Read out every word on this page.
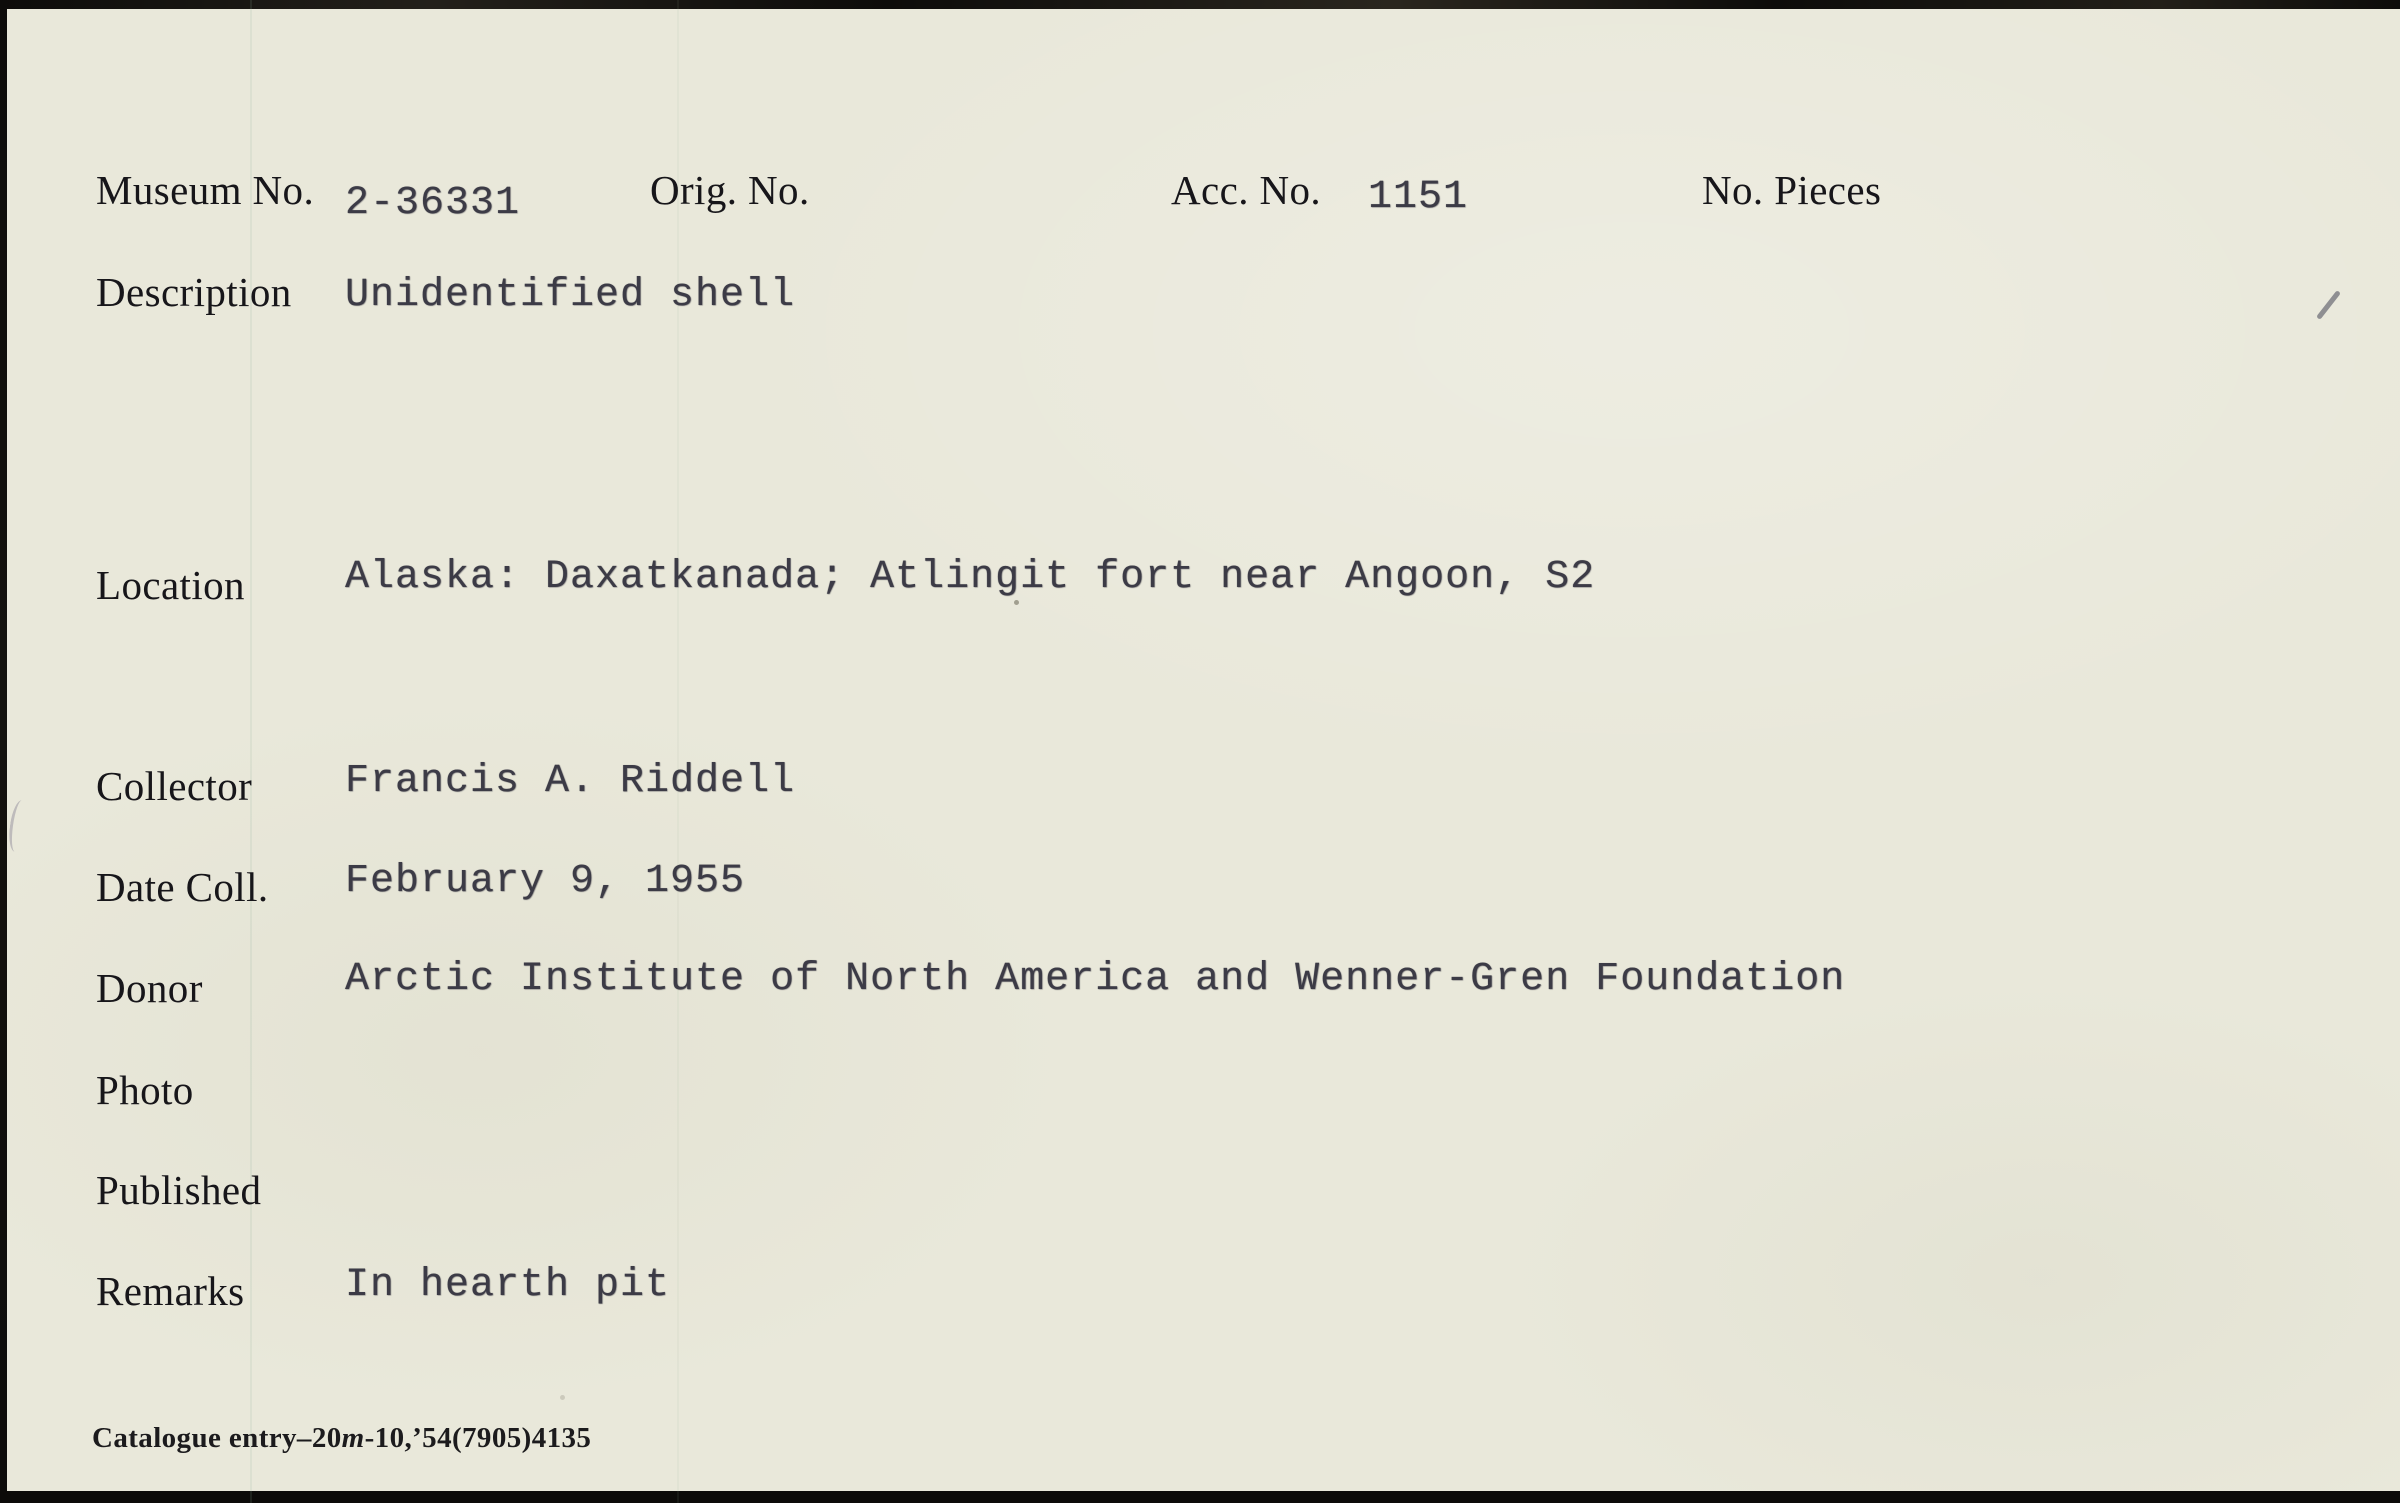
Museum No. 2-36331	Orig. No.	Acc. No. 1151	No. Pieces
Description Unidentified shell
Location	Alaska: Daxatkanada; Atlingit fort near Angoon, S2
Collector Francis A. Riddell
Date Coll. February 9, 1955
Donor	Arctic Institute of North America and Wenner-Gren Foundation
Photo
Published
Remarks	In hearth pit
Catalogue entry–20m-10,’54(7905)4135
